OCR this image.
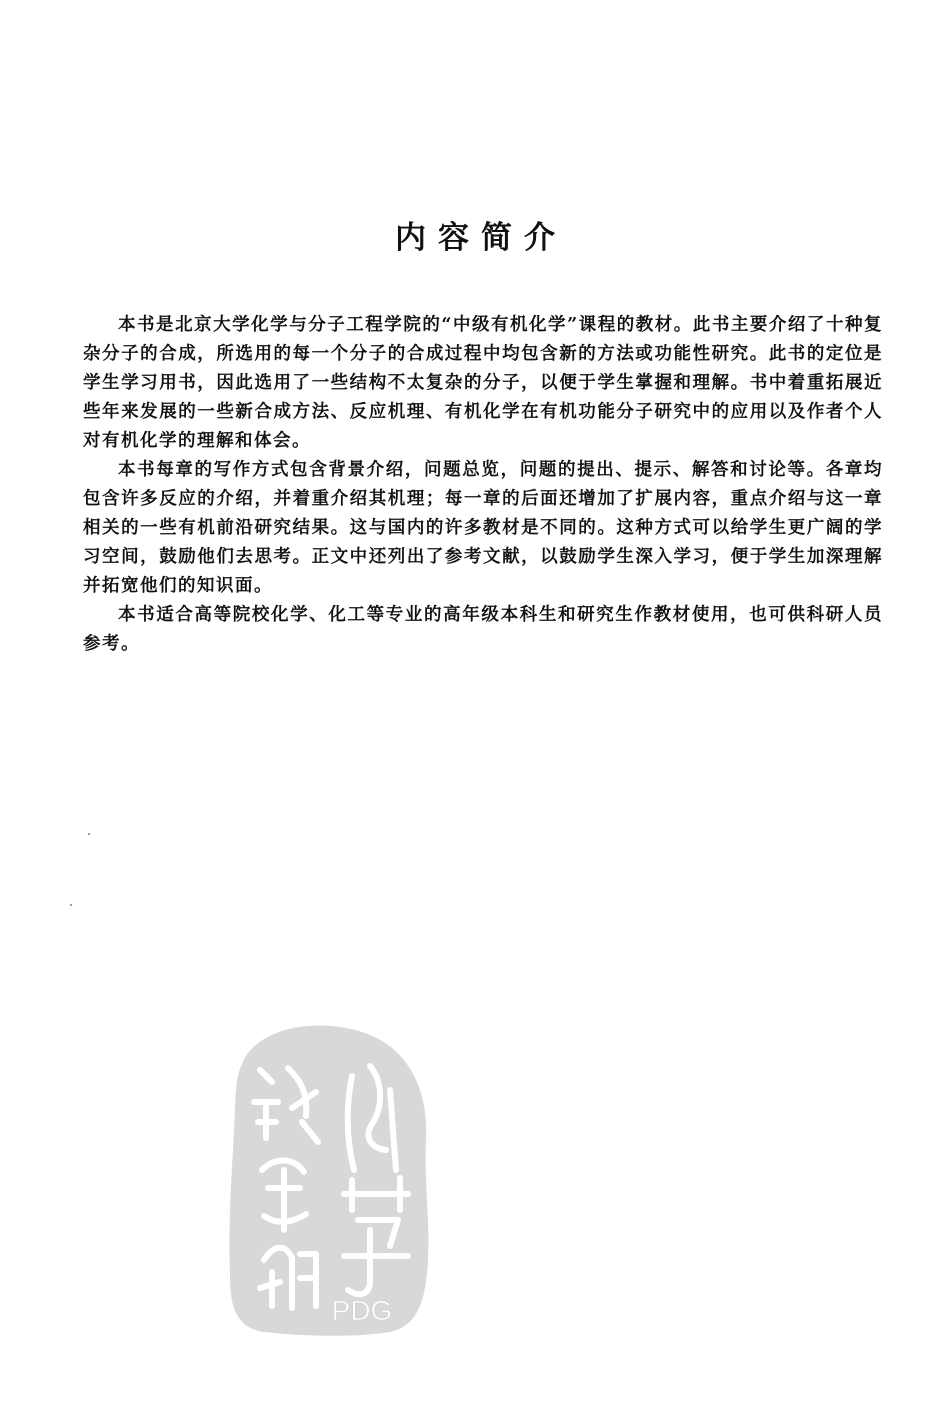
内容简介

本书是北京大学化学与分子工程学院的“中级有机化学”课程的教材。此书主要介绍了十种复杂分子的合成，所选用的每一个分子的合成过程中均包含新的方法或功能性研究。此书的定位是学生学习用书，因此选用了一些结构不太复杂的分子，以便于学生掌握和理解。书中着重拓展近些年来发展的一些新合成方法、反应机理、有机化学在有机功能分子研究中的应用以及作者个人对有机化学的理解和体会。

本书每章的写作方式包含背景介绍，问题总览，问题的提出、提示、解答和讨论等。各章均包含许多反应的介绍，并着重介绍其机理；每一章的后面还增加了扩展内容，重点介绍与这一章相关的一些有机前沿研究结果。这与国内的许多教材是不同的。这种方式可以给学生更广阔的学习空间，鼓励他们去思考。正文中还列出了参考文献，以鼓励学生深入学习，便于学生加深理解并拓宽他们的知识面。

本书适合高等院校化学、化工等专业的高年级本科生和研究生作教材使用，也可供科研人员参考。

PDG
